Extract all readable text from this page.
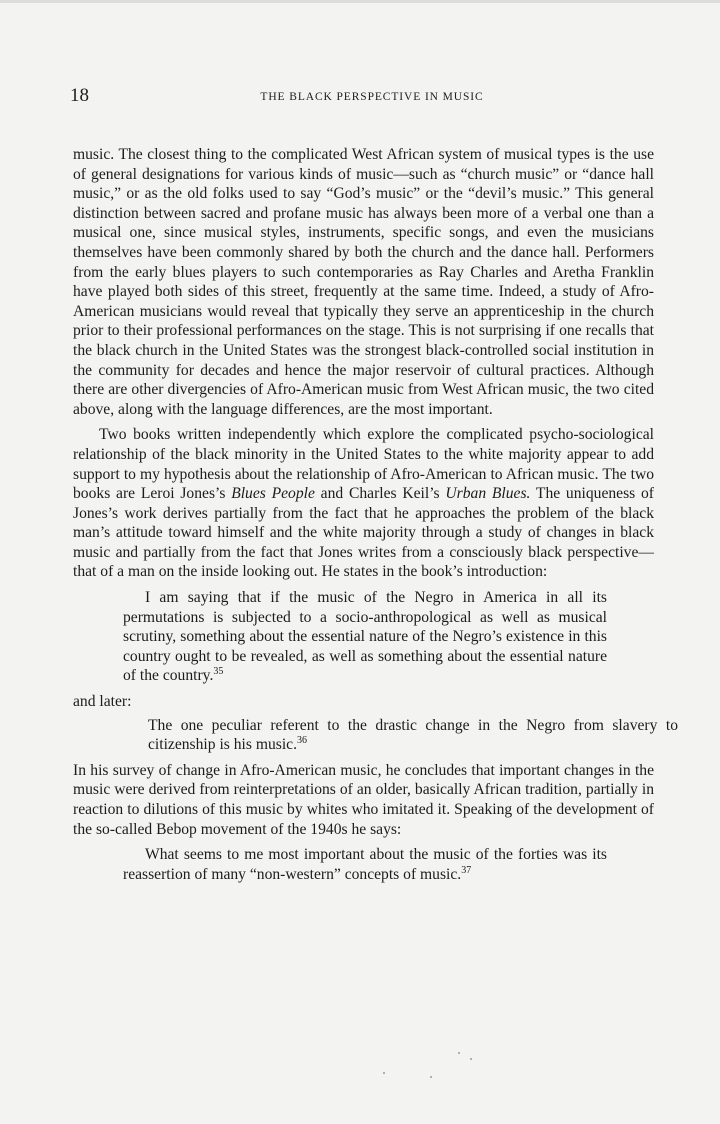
18	THE BLACK PERSPECTIVE IN MUSIC

music. The closest thing to the complicated West African system of musical types is the use of general designations for various kinds of music—such as “church music” or “dance hall music,” or as the old folks used to say “God’s music” or the “devil’s music.” This general distinction between sacred and profane music has always been more of a verbal one than a musical one, since musical styles, instruments, specific songs, and even the musicians themselves have been commonly shared by both the church and the dance hall. Performers from the early blues players to such contemporaries as Ray Charles and Aretha Franklin have played both sides of this street, frequently at the same time. Indeed, a study of Afro-American musicians would reveal that typically they serve an apprenticeship in the church prior to their professional performances on the stage. This is not surprising if one recalls that the black church in the United States was the strongest black-controlled social institution in the community for decades and hence the major reservoir of cultural practices. Although there are other divergencies of Afro-American music from West African music, the two cited above, along with the language differences, are the most important.

Two books written independently which explore the complicated psycho-sociological relationship of the black minority in the United States to the white majority appear to add support to my hypothesis about the relationship of Afro-American to African music. The two books are Leroi Jones’s Blues People and Charles Keil’s Urban Blues. The uniqueness of Jones’s work derives partially from the fact that he approaches the problem of the black man’s attitude toward himself and the white majority through a study of changes in black music and partially from the fact that Jones writes from a consciously black perspective—that of a man on the inside looking out. He states in the book’s introduction:

I am saying that if the music of the Negro in America in all its permutations is subjected to a socio-anthropological as well as musical scrutiny, something about the essential nature of the Negro’s existence in this country ought to be revealed, as well as something about the essential nature of the country.$^{35}$

and later:

The one peculiar referent to the drastic change in the Negro from slavery to citizenship is his music.$^{36}$

In his survey of change in Afro-American music, he concludes that important changes in the music were derived from reinterpretations of an older, basically African tradition, partially in reaction to dilutions of this music by whites who imitated it. Speaking of the development of the so-called Bebop movement of the 1940s he says:

What seems to me most important about the music of the forties was its reassertion of many “non-western” concepts of music.$^{37}$
